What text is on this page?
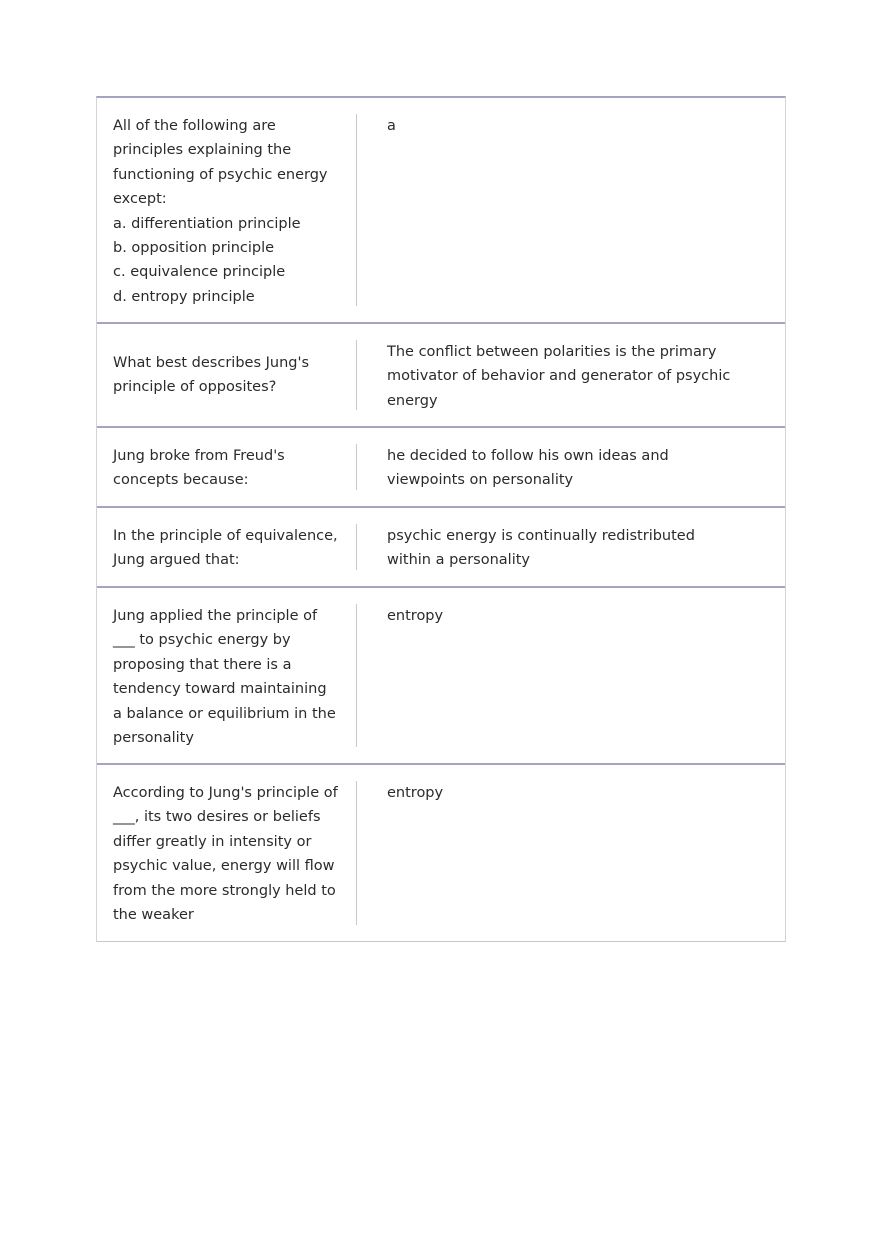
All of the following are principles explaining the functioning of psychic energy except:
a. differentiation principle
b. opposition principle
c. equivalence principle
d. entropy principle
a
What best describes Jung's principle of opposites?
The conflict between polarities is the primary motivator of behavior and generator of psychic energy
Jung broke from Freud's concepts because:
he decided to follow his own ideas and viewpoints on personality
In the principle of equivalence, Jung argued that:
psychic energy is continually redistributed within a personality
Jung applied the principle of ___ to psychic energy by proposing that there is a tendency toward maintaining a balance or equilibrium in the personality
entropy
According to Jung's principle of ___, its two desires or beliefs differ greatly in intensity or psychic value, energy will flow from the more strongly held to the weaker
entropy
